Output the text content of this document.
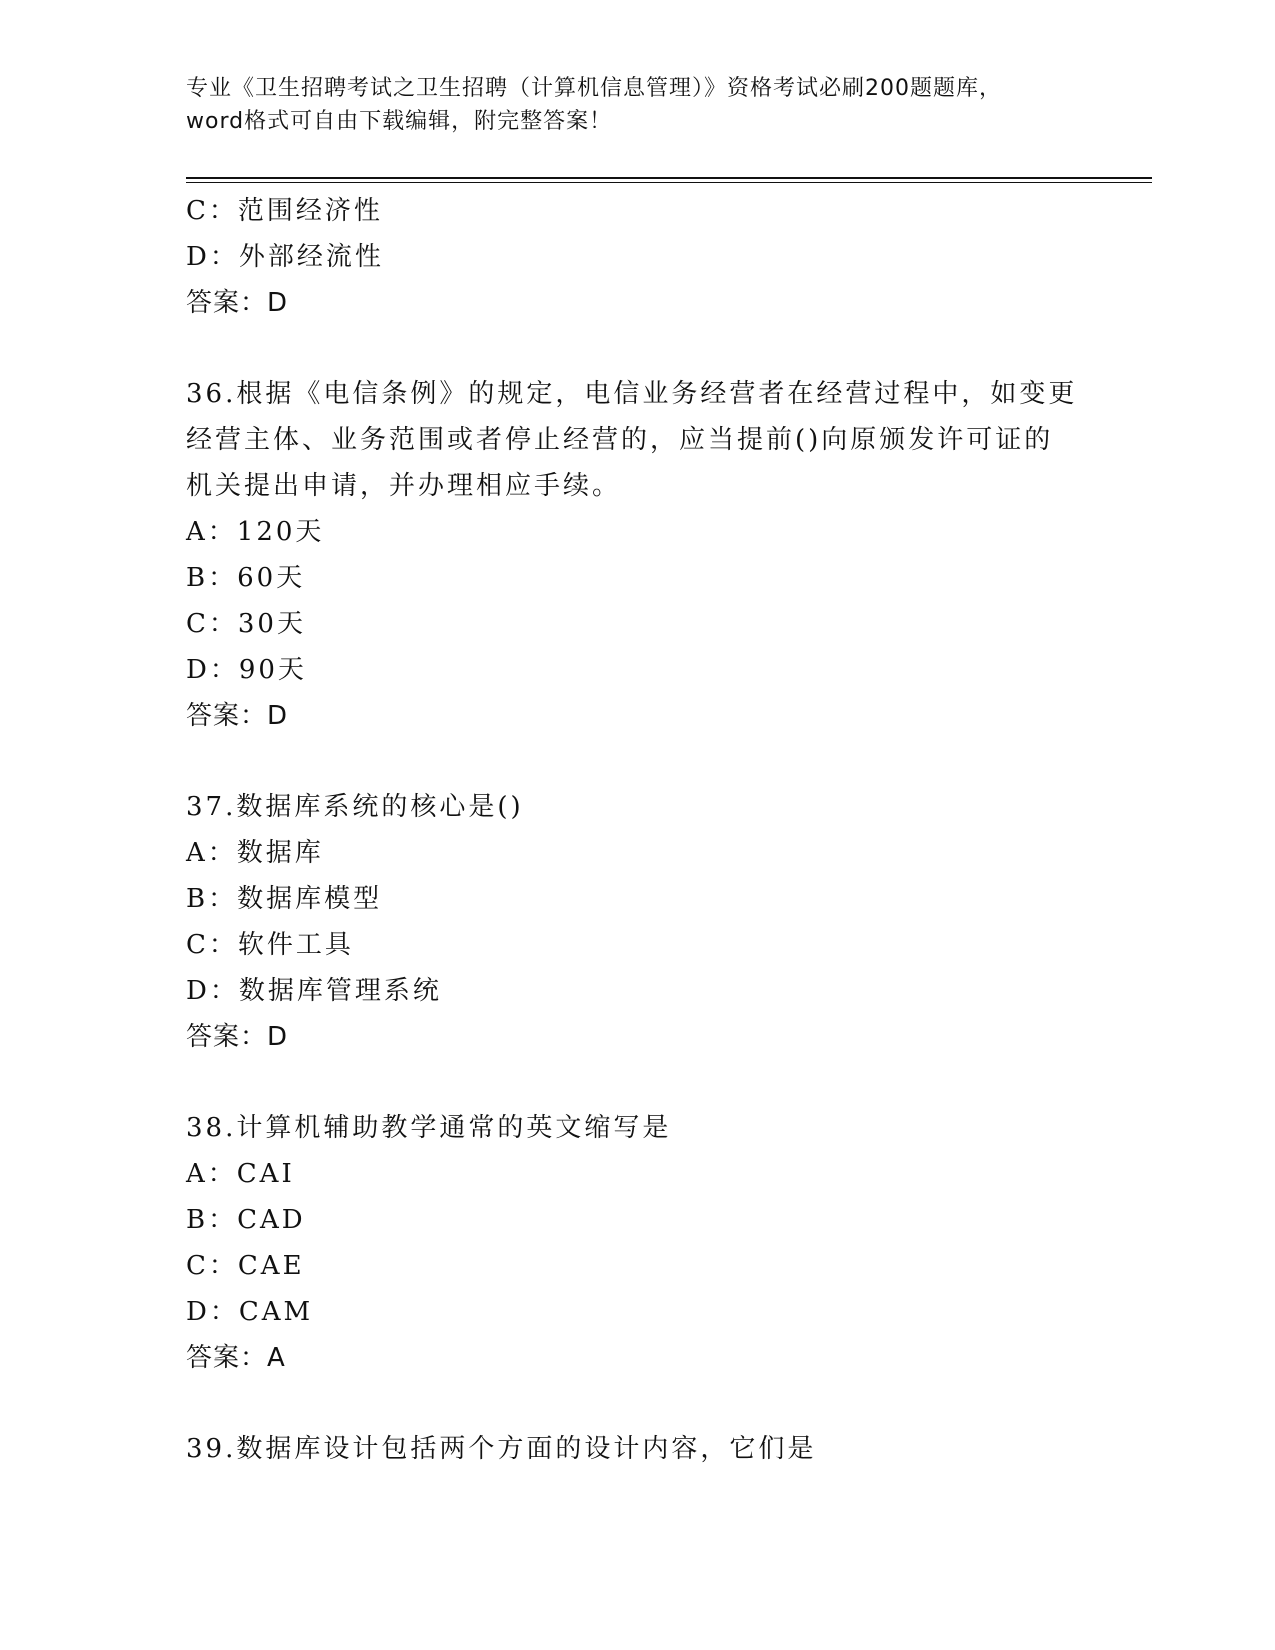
专业《卫生招聘考试之卫生招聘（计算机信息管理）》资格考试必刷200题题库，
word格式可自由下载编辑，附完整答案！
C：范围经济性
D：外部经流性
答案：D
36.根据《电信条例》的规定，电信业务经营者在经营过程中，如变更
经营主体、业务范围或者停止经营的，应当提前()向原颁发许可证的
机关提出申请，并办理相应手续。
A：120天
B：60天
C：30天
D：90天
答案：D
37.数据库系统的核心是()
A：数据库
B：数据库模型
C：软件工具
D：数据库管理系统
答案：D
38.计算机辅助教学通常的英文缩写是
A：CAI
B：CAD
C：CAE
D：CAM
答案：A
39.数据库设计包括两个方面的设计内容，它们是
